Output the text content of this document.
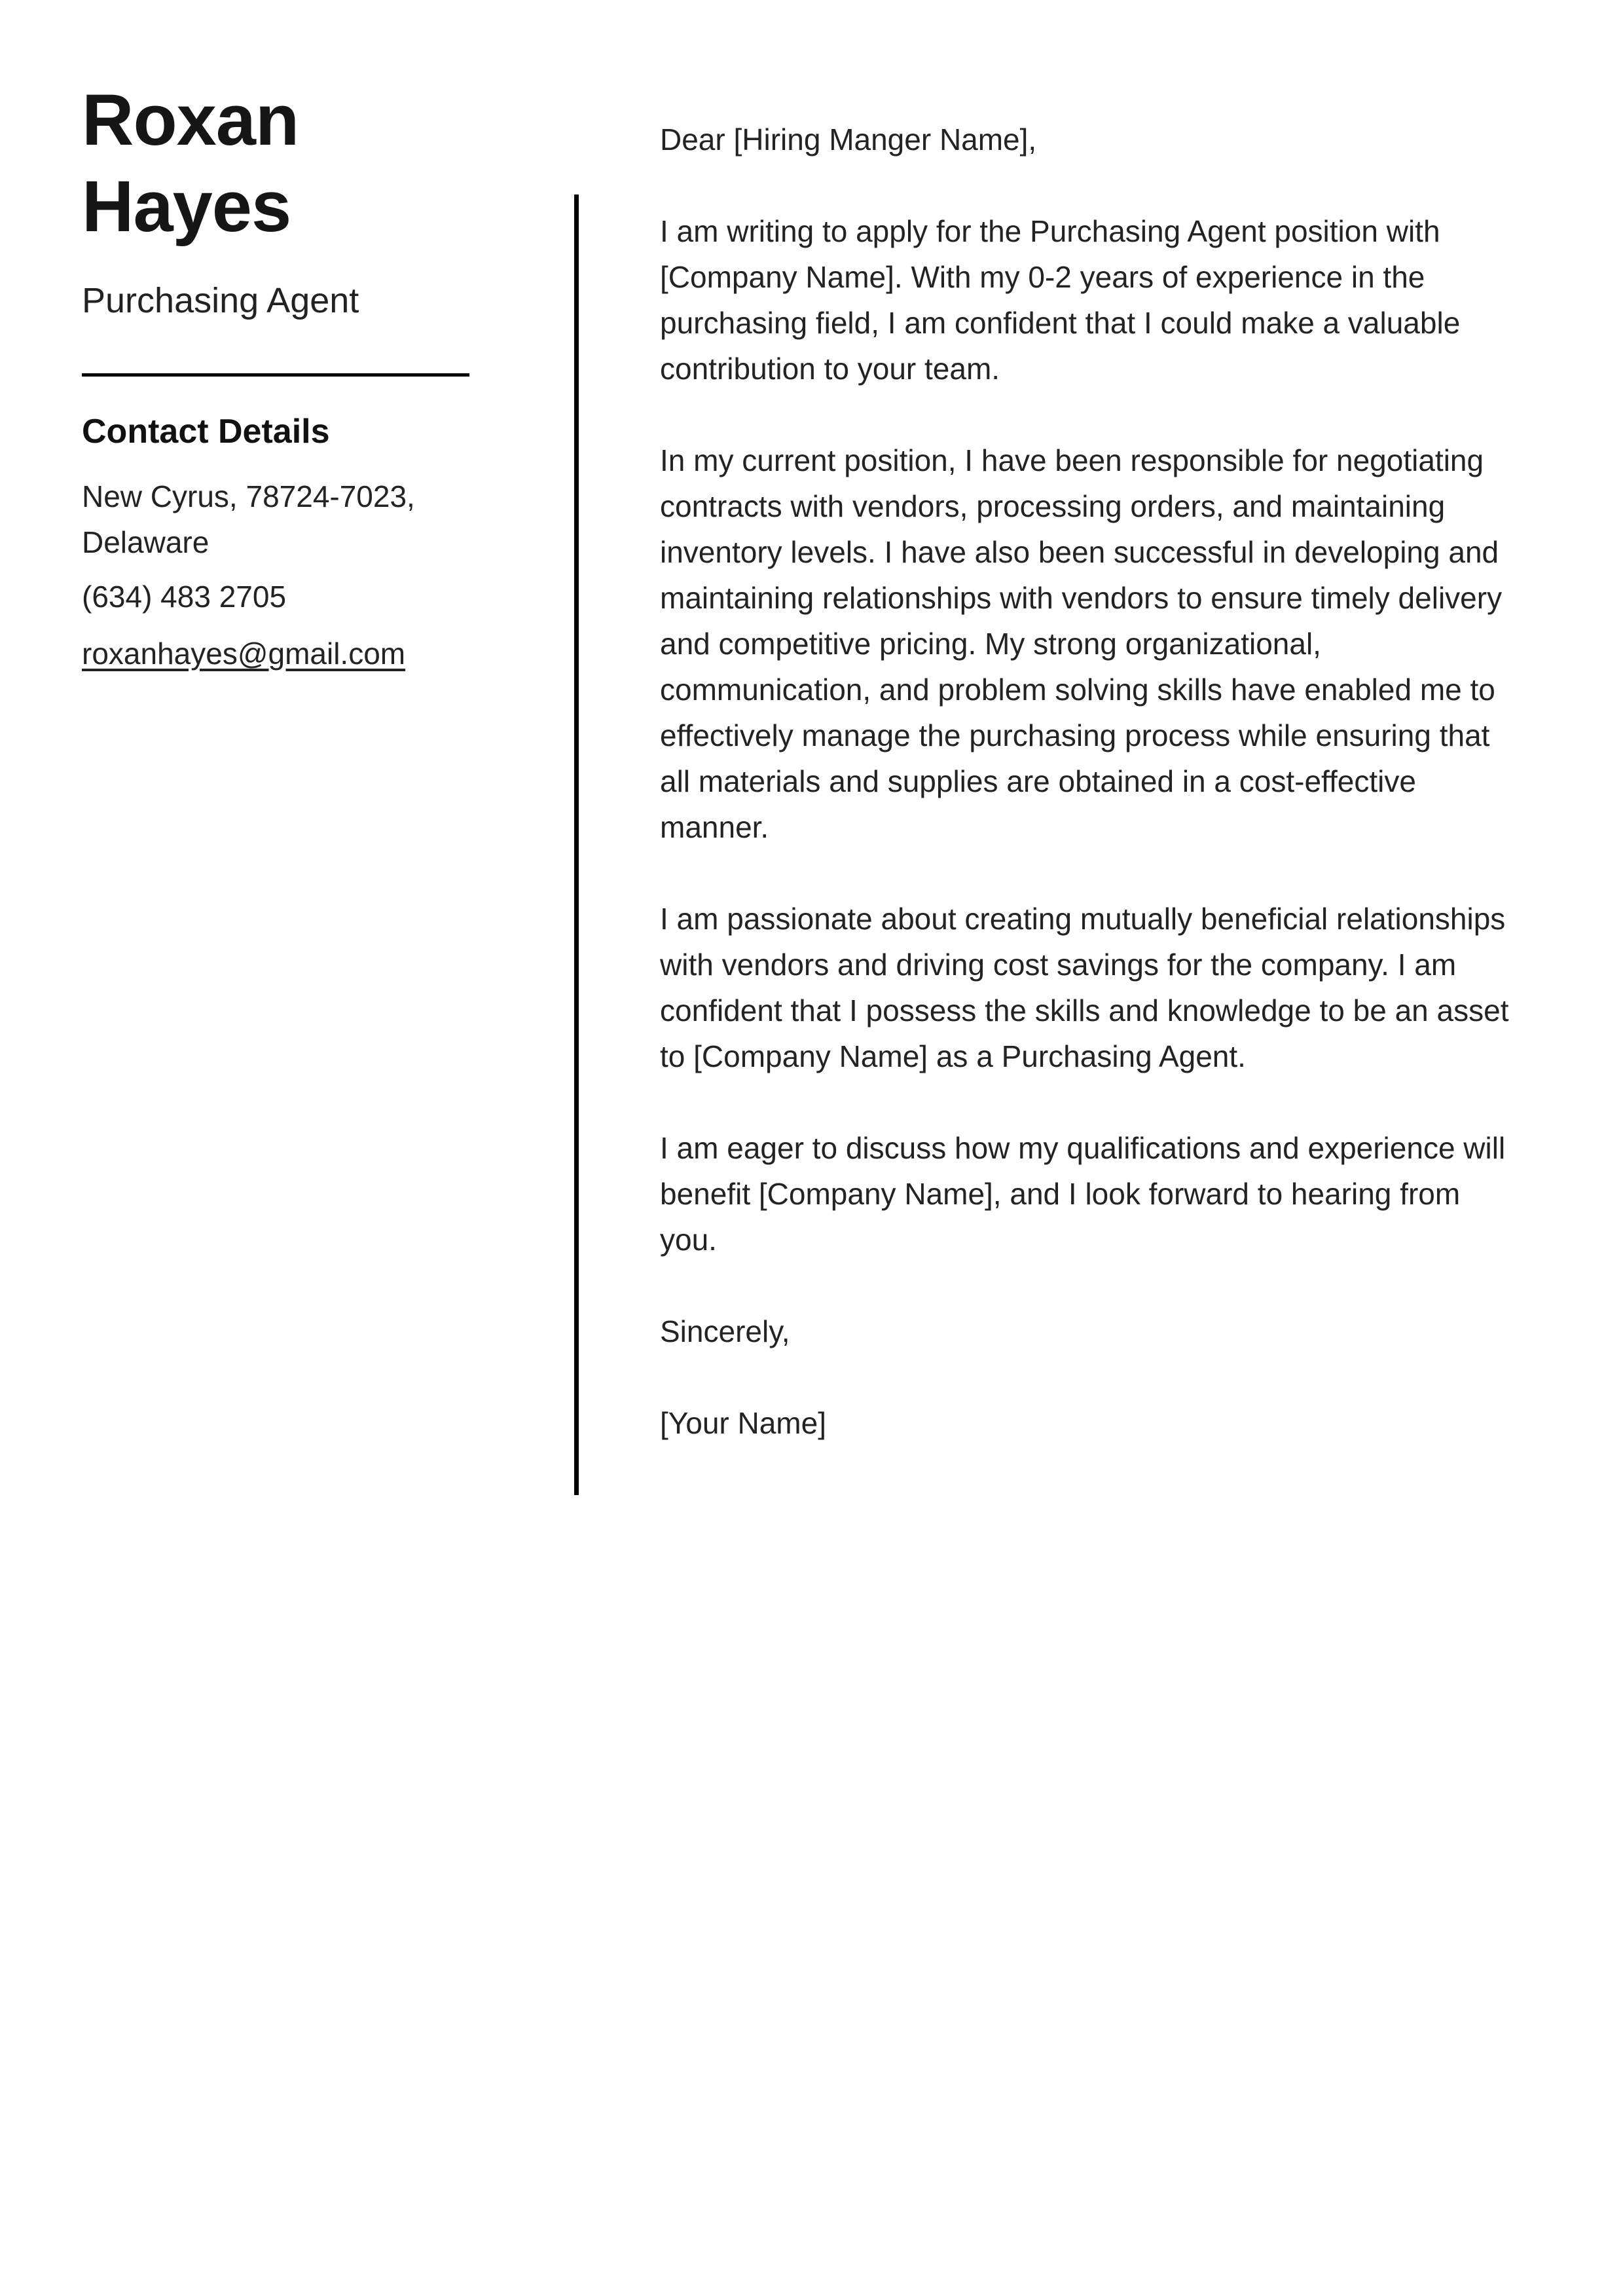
Roxan
Hayes
Purchasing Agent
Contact Details
New Cyrus, 78724-7023,
Delaware
(634) 483 2705
roxanhayes@gmail.com

Dear [Hiring Manger Name],

I am writing to apply for the Purchasing Agent position with [Company Name]. With my 0-2 years of experience in the purchasing field, I am confident that I could make a valuable contribution to your team.

In my current position, I have been responsible for negotiating contracts with vendors, processing orders, and maintaining inventory levels. I have also been successful in developing and maintaining relationships with vendors to ensure timely delivery and competitive pricing. My strong organizational, communication, and problem solving skills have enabled me to effectively manage the purchasing process while ensuring that all materials and supplies are obtained in a cost-effective manner.

I am passionate about creating mutually beneficial relationships with vendors and driving cost savings for the company. I am confident that I possess the skills and knowledge to be an asset to [Company Name] as a Purchasing Agent.

I am eager to discuss how my qualifications and experience will benefit [Company Name], and I look forward to hearing from you.

Sincerely,

[Your Name]
